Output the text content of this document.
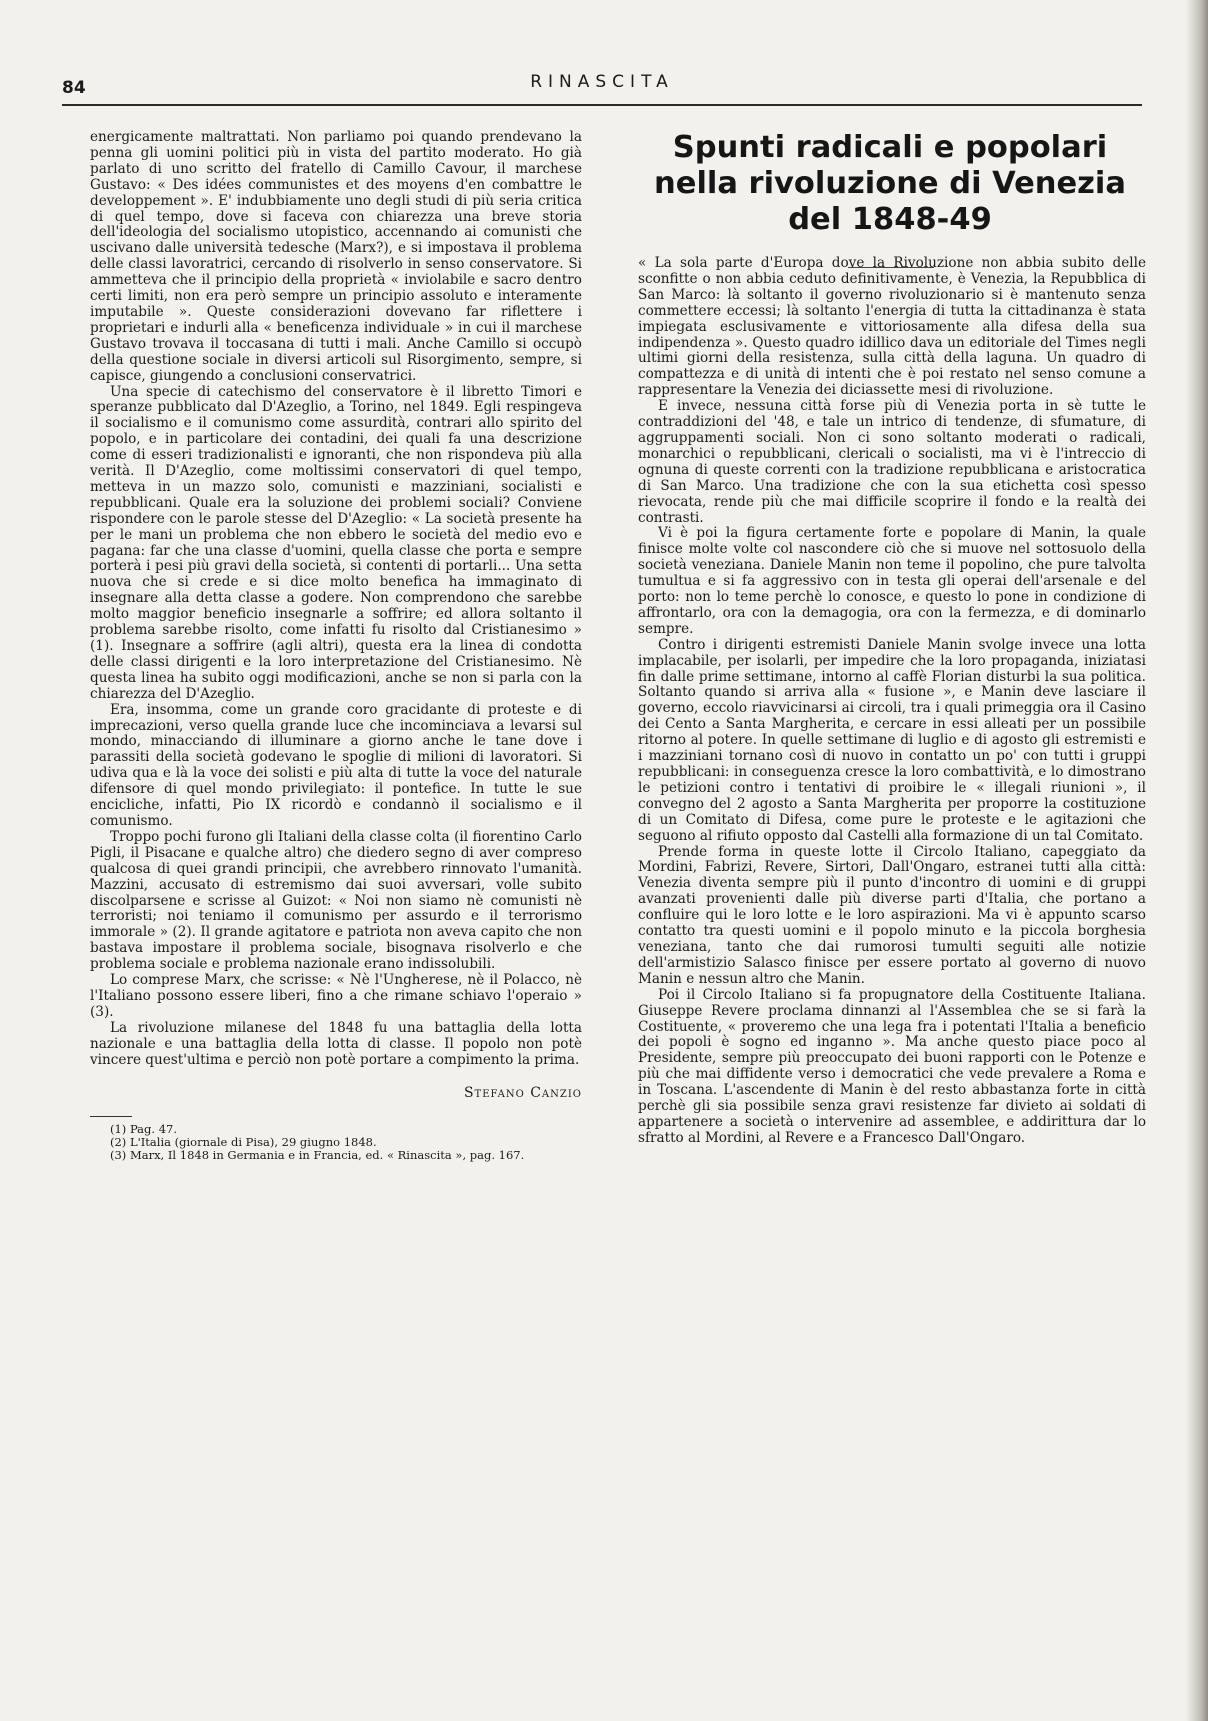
84	RINASCITA

energicamente maltrattati. Non parliamo poi quando prendevano la penna gli uomini politici più in vista del partito moderato. Ho già parlato di uno scritto del fratello di Camillo Cavour, il marchese Gustavo: « Des idées communistes et des moyens d'en combattre le developpement ». E' indubbiamente uno degli studi di più seria critica di quel tempo, dove si faceva con chiarezza una breve storia dell'ideologia del socialismo utopistico, accennando ai comunisti che uscivano dalle università tedesche (Marx?), e si impostava il problema delle classi lavoratrici, cercando di risolverlo in senso conservatore. Si ammetteva che il principio della proprietà « inviolabile e sacro dentro certi limiti, non era però sempre un principio assoluto e interamente imputabile ». Queste considerazioni dovevano far riflettere i proprietari e indurli alla « beneficenza individuale » in cui il marchese Gustavo trovava il toccasana di tutti i mali. Anche Camillo si occupò della questione sociale in diversi articoli sul Risorgimento, sempre, si capisce, giungendo a conclusioni conservatrici.

Una specie di catechismo del conservatore è il libretto Timori e speranze pubblicato dal D'Azeglio, a Torino, nel 1849. Egli respingeva il socialismo e il comunismo come assurdità, contrari allo spirito del popolo, e in particolare dei contadini, dei quali fa una descrizione come di esseri tradizionalisti e ignoranti, che non rispondeva più alla verità. Il D'Azeglio, come moltissimi conservatori di quel tempo, metteva in un mazzo solo, comunisti e mazziniani, socialisti e repubblicani. Quale era la soluzione dei problemi sociali? Conviene rispondere con le parole stesse del D'Azeglio: « La società presente ha per le mani un problema che non ebbero le società del medio evo e pagana: far che una classe d'uomini, quella classe che porta e sempre porterà i pesi più gravi della società, si contenti di portarli... Una setta nuova che si crede e si dice molto benefica ha immaginato di insegnare alla detta classe a godere. Non comprendono che sarebbe molto maggior beneficio insegnarle a soffrire; ed allora soltanto il problema sarebbe risolto, come infatti fu risolto dal Cristianesimo » (1). Insegnare a soffrire (agli altri), questa era la linea di condotta delle classi dirigenti e la loro interpretazione del Cristianesimo. Nè questa linea ha subito oggi modificazioni, anche se non si parla con la chiarezza del D'Azeglio.

Era, insomma, come un grande coro gracidante di proteste e di imprecazioni, verso quella grande luce che incominciava a levarsi sul mondo, minacciando di illuminare a giorno anche le tane dove i parassiti della società godevano le spoglie di milioni di lavoratori. Si udiva qua e là la voce dei solisti e più alta di tutte la voce del naturale difensore di quel mondo privilegiato: il pontefice. In tutte le sue encicliche, infatti, Pio IX ricordò e condannò il socialismo e il comunismo.

Troppo pochi furono gli Italiani della classe colta (il fiorentino Carlo Pigli, il Pisacane e qualche altro) che diedero segno di aver compreso qualcosa di quei grandi principii, che avrebbero rinnovato l'umanità. Mazzini, accusato di estremismo dai suoi avversari, volle subito discolparsene e scrisse al Guizot: « Noi non siamo nè comunisti nè terroristi; noi teniamo il comunismo per assurdo e il terrorismo immorale » (2). Il grande agitatore e patriota non aveva capito che non bastava impostare il problema sociale, bisognava risolverlo e che problema sociale e problema nazionale erano indissolubili.

Lo comprese Marx, che scrisse: « Nè l'Ungherese, nè il Polacco, nè l'Italiano possono essere liberi, fino a che rimane schiavo l'operaio » (3).

La rivoluzione milanese del 1848 fu una battaglia della lotta nazionale e una battaglia della lotta di classe. Il popolo non potè vincere quest'ultima e perciò non potè portare a compimento la prima.

Stefano Canzio

(1) Pag. 47.

(2) L'Italia (giornale di Pisa), 29 giugno 1848.

(3) Marx, Il 1848 in Germania e in Francia, ed. « Rinascita », pag. 167.

Spunti radicali e popolari nella rivoluzione di Venezia del 1848-49

« La sola parte d'Europa dove la Rivoluzione non abbia subito delle sconfitte o non abbia ceduto definitivamente, è Venezia, la Repubblica di San Marco: là soltanto il governo rivoluzionario si è mantenuto senza commettere eccessi; là soltanto l'energia di tutta la cittadinanza è stata impiegata esclusivamente e vittoriosamente alla difesa della sua indipendenza ». Questo quadro idillico dava un editoriale del Times negli ultimi giorni della resistenza, sulla città della laguna. Un quadro di compattezza e di unità di intenti che è poi restato nel senso comune a rappresentare la Venezia dei diciassette mesi di rivoluzione.

E invece, nessuna città forse più di Venezia porta in sè tutte le contraddizioni del '48, e tale un intrico di tendenze, di sfumature, di aggruppamenti sociali. Non ci sono soltanto moderati o radicali, monarchici o repubblicani, clericali o socialisti, ma vi è l'intreccio di ognuna di queste correnti con la tradizione repubblicana e aristocratica di San Marco. Una tradizione che con la sua etichetta così spesso rievocata, rende più che mai difficile scoprire il fondo e la realtà dei contrasti.

Vi è poi la figura certamente forte e popolare di Manin, la quale finisce molte volte col nascondere ciò che si muove nel sottosuolo della società veneziana. Daniele Manin non teme il popolino, che pure talvolta tumultua e si fa aggressivo con in testa gli operai dell'arsenale e del porto: non lo teme perchè lo conosce, e questo lo pone in condizione di affrontarlo, ora con la demagogia, ora con la fermezza, e di dominarlo sempre.

Contro i dirigenti estremisti Daniele Manin svolge invece una lotta implacabile, per isolarli, per impedire che la loro propaganda, iniziatasi fin dalle prime settimane, intorno al caffè Florian disturbi la sua politica. Soltanto quando si arriva alla « fusione », e Manin deve lasciare il governo, eccolo riavvicinarsi ai circoli, tra i quali primeggia ora il Casino dei Cento a Santa Margherita, e cercare in essi alleati per un possibile ritorno al potere. In quelle settimane di luglio e di agosto gli estremisti e i mazziniani tornano così di nuovo in contatto un po' con tutti i gruppi repubblicani: in conseguenza cresce la loro combattività, e lo dimostrano le petizioni contro i tentativi di proibire le « illegali riunioni », il convegno del 2 agosto a Santa Margherita per proporre la costituzione di un Comitato di Difesa, come pure le proteste e le agitazioni che seguono al rifiuto opposto dal Castelli alla formazione di un tal Comitato.

Prende forma in queste lotte il Circolo Italiano, capeggiato da Mordini, Fabrizi, Revere, Sirtori, Dall'Ongaro, estranei tutti alla città: Venezia diventa sempre più il punto d'incontro di uomini e di gruppi avanzati provenienti dalle più diverse parti d'Italia, che portano a confluire qui le loro lotte e le loro aspirazioni. Ma vi è appunto scarso contatto tra questi uomini e il popolo minuto e la piccola borghesia veneziana, tanto che dai rumorosi tumulti seguiti alle notizie dell'armistizio Salasco finisce per essere portato al governo di nuovo Manin e nessun altro che Manin.

Poi il Circolo Italiano si fa propugnatore della Costituente Italiana. Giuseppe Revere proclama dinnanzi al l'Assemblea che se si farà la Costituente, « proveremo che una lega fra i potentati l'Italia a beneficio dei popoli è sogno ed inganno ». Ma anche questo piace poco al Presidente, sempre più preoccupato dei buoni rapporti con le Potenze e più che mai diffidente verso i democratici che vede prevalere a Roma e in Toscana. L'ascendente di Manin è del resto abbastanza forte in città perchè gli sia possibile senza gravi resistenze far divieto ai soldati di appartenere a società o intervenire ad assemblee, e addirittura dar lo sfratto al Mordini, al Revere e a Francesco Dall'Ongaro.
